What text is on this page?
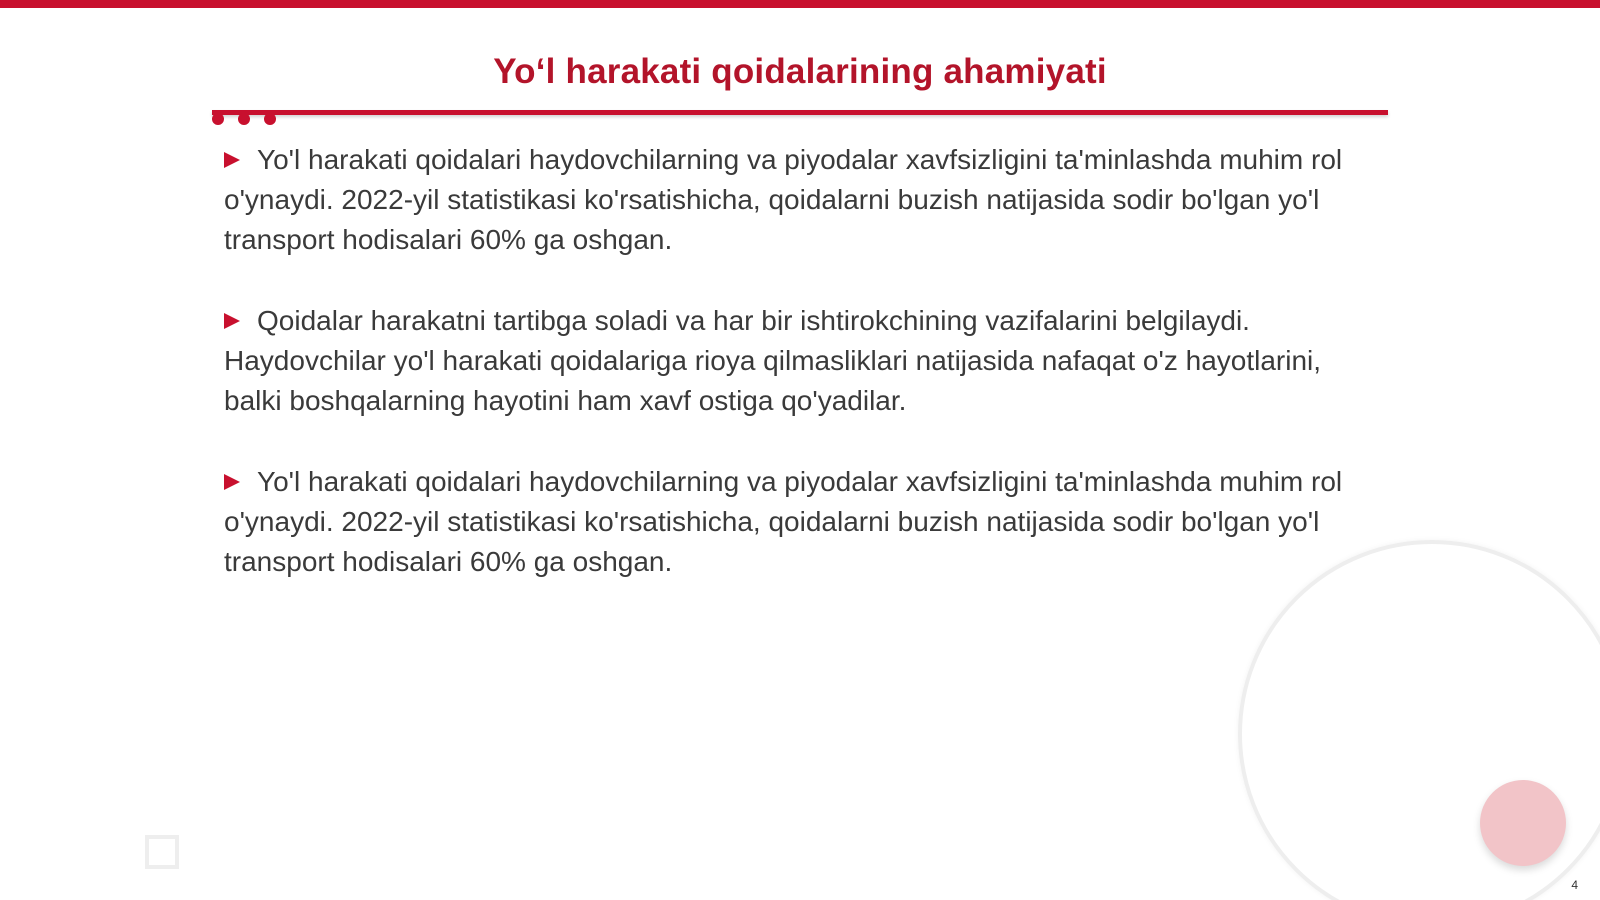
Yo‘l harakati qoidalarining ahamiyati

Yo'l harakati qoidalari haydovchilarning va piyodalar xavfsizligini ta'minlashda muhim rol o'ynaydi. 2022-yil statistikasi ko'rsatishicha, qoidalarni buzish natijasida sodir bo'lgan yo'l transport hodisalari 60% ga oshgan.

Qoidalar harakatni tartibga soladi va har bir ishtirokchining vazifalarini belgilaydi. Haydovchilar yo'l harakati qoidalariga rioya qilmasliklari natijasida nafaqat o'z hayotlarini, balki boshqalarning hayotini ham xavf ostiga qo'yadilar.

Yo'l harakati qoidalari haydovchilarning va piyodalar xavfsizligini ta'minlashda muhim rol o'ynaydi. 2022-yil statistikasi ko'rsatishicha, qoidalarni buzish natijasida sodir bo'lgan yo'l transport hodisalari 60% ga oshgan.

4
